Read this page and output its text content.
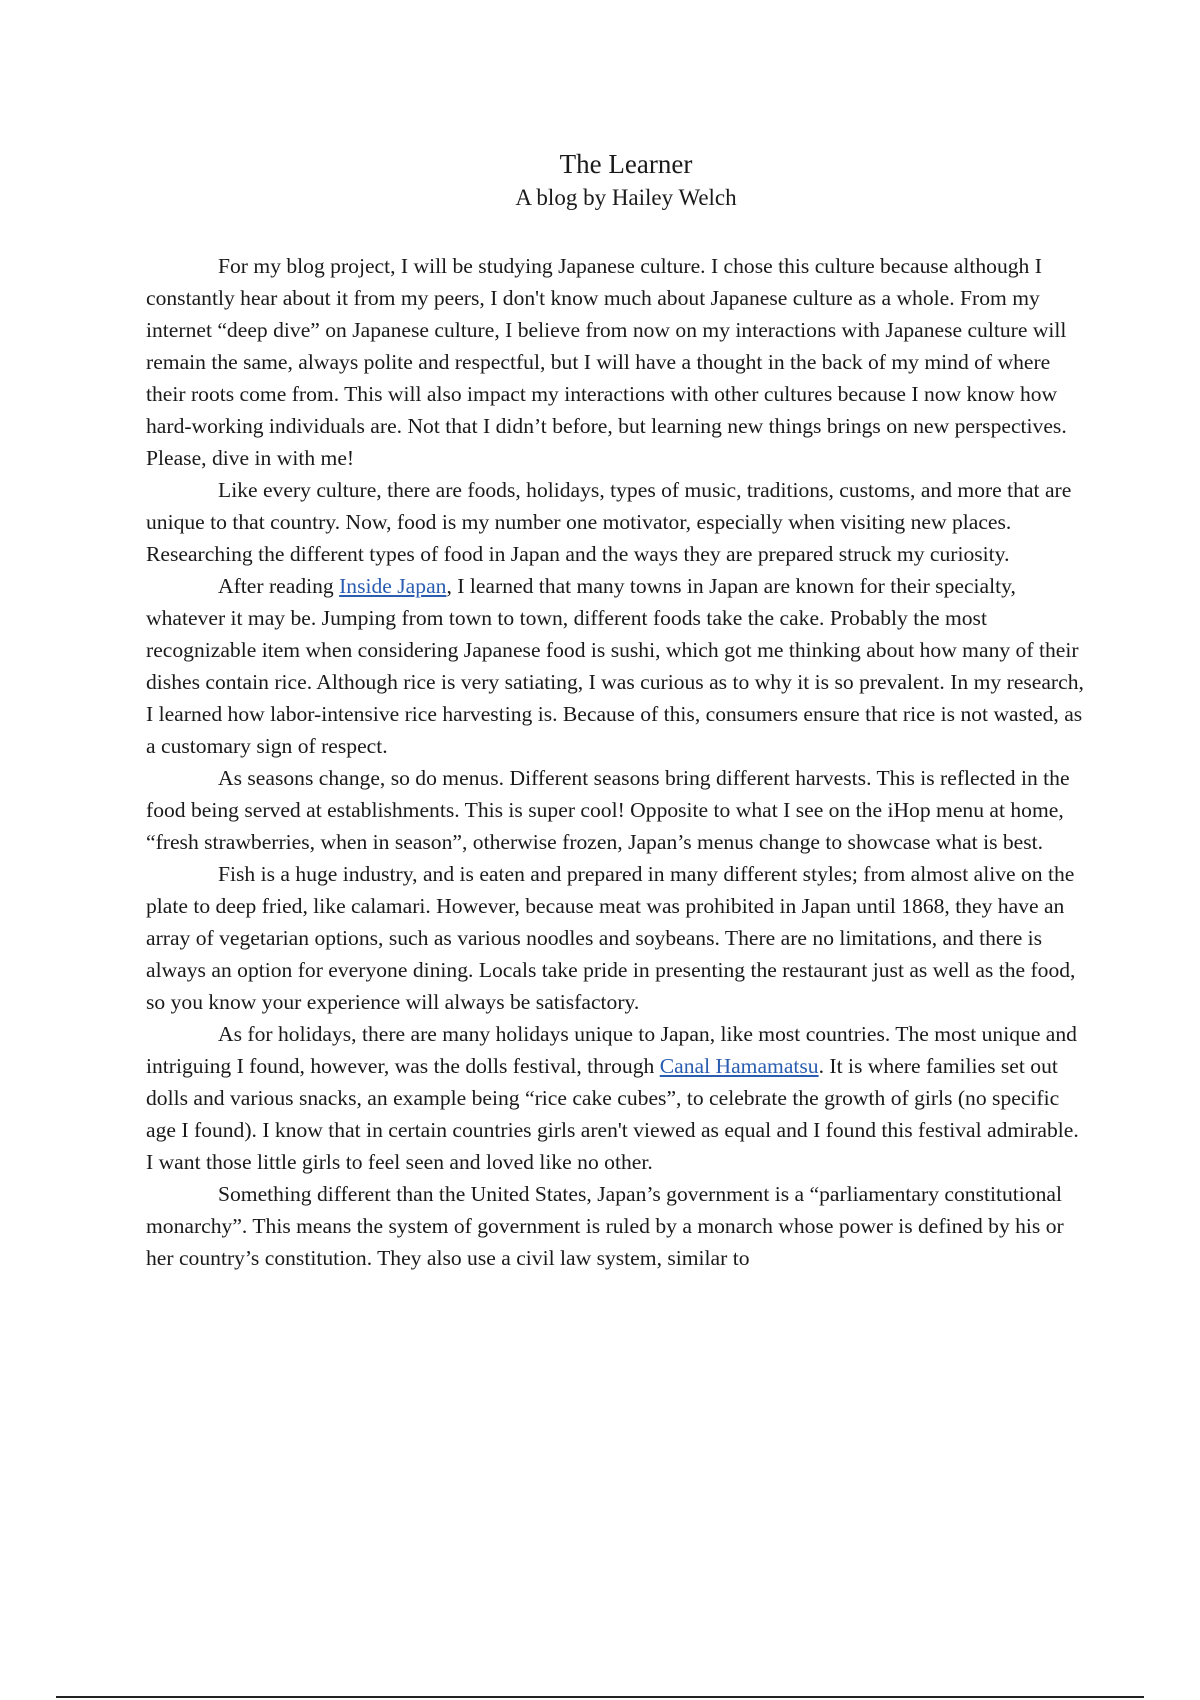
The Learner
A blog by Hailey Welch

For my blog project, I will be studying Japanese culture. I chose this culture because although I constantly hear about it from my peers, I don't know much about Japanese culture as a whole. From my internet “deep dive” on Japanese culture, I believe from now on my interactions with Japanese culture will remain the same, always polite and respectful, but I will have a thought in the back of my mind of where their roots come from. This will also impact my interactions with other cultures because I now know how hard-working individuals are. Not that I didn’t before, but learning new things brings on new perspectives. Please, dive in with me!

Like every culture, there are foods, holidays, types of music, traditions, customs, and more that are unique to that country. Now, food is my number one motivator, especially when visiting new places. Researching the different types of food in Japan and the ways they are prepared struck my curiosity.

After reading Inside Japan, I learned that many towns in Japan are known for their specialty, whatever it may be. Jumping from town to town, different foods take the cake. Probably the most recognizable item when considering Japanese food is sushi, which got me thinking about how many of their dishes contain rice. Although rice is very satiating, I was curious as to why it is so prevalent. In my research, I learned how labor-intensive rice harvesting is. Because of this, consumers ensure that rice is not wasted, as a customary sign of respect.

As seasons change, so do menus. Different seasons bring different harvests. This is reflected in the food being served at establishments. This is super cool! Opposite to what I see on the iHop menu at home, “fresh strawberries, when in season”, otherwise frozen, Japan’s menus change to showcase what is best.

Fish is a huge industry, and is eaten and prepared in many different styles; from almost alive on the plate to deep fried, like calamari. However, because meat was prohibited in Japan until 1868, they have an array of vegetarian options, such as various noodles and soybeans. There are no limitations, and there is always an option for everyone dining. Locals take pride in presenting the restaurant just as well as the food, so you know your experience will always be satisfactory.

As for holidays, there are many holidays unique to Japan, like most countries. The most unique and intriguing I found, however, was the dolls festival, through Canal Hamamatsu. It is where families set out dolls and various snacks, an example being “rice cake cubes”, to celebrate the growth of girls (no specific age I found). I know that in certain countries girls aren't viewed as equal and I found this festival admirable. I want those little girls to feel seen and loved like no other.

Something different than the United States, Japan’s government is a “parliamentary constitutional monarchy”. This means the system of government is ruled by a monarch whose power is defined by his or her country’s constitution. They also use a civil law system, similar to
